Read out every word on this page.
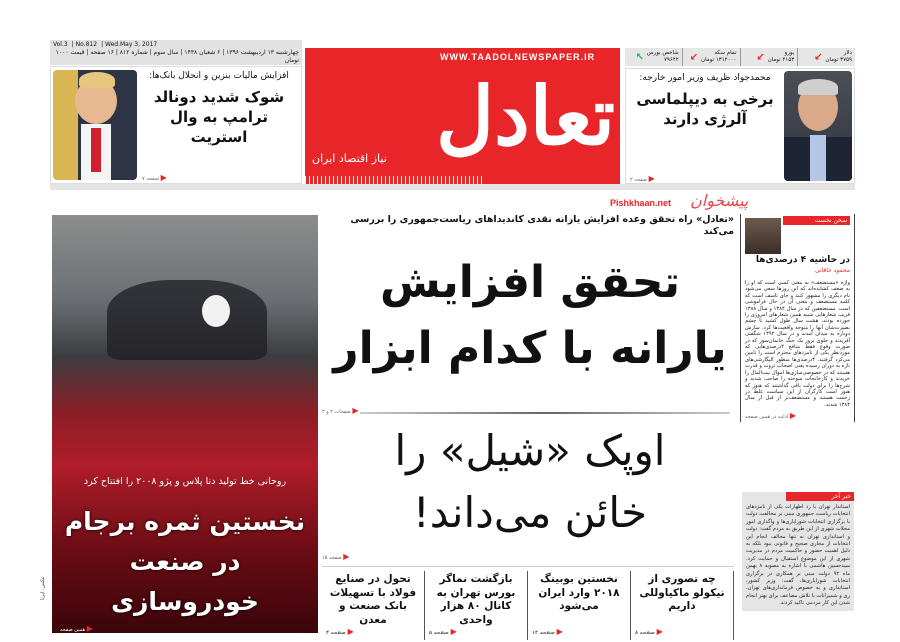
Vol.3 | No.812 | Wed.May 3, 2017
چهارشنبه ۱۳ اردیبهشت ۱۳۹۶ | ۶ شعبان ۱۴۳۸ | سال سوم | شماره ۸۱۲ | ۱۶ صفحه | قیمت ۱۰۰۰ تومان	WWW.TAADOLNEWSPAPER.IR
تعادل
نیاز اقتصاد ایران
دلار
۳۷۵۹ تومان
↙
یورو
۴۱۵۳ تومان
↙
تمام سکه
۱۳۱۲۰۰۰ تومان
↙
شاخص بورس
۷۹۶۴۲
↖
افزایش مالیات بنزین و انحلال بانک‌ها:
شوک شدید دونالد ترامپ به وال استریت
▶ صفحه ۷
محمدجواد ظریف وزیر امور خارجه:
برخی به دیپلماسی آلرژی دارند
▶ صفحه ۲
روحانی خط تولید دنا پلاس و پژو ۲۰۰۸ را افتتاح کرد
نخستین ثمره برجام در صنعت خودروسازی
▶ همین صفحه
عکس: ایرنا
پیشخوان
Pishkhaan.net
«تعادل» راه تحقق وعده افزایش یارانه نقدی کاندیداهای ریاست‌جمهوری را بررسی می‌کند
تحقق افزایش
یارانه با کدام ابزار
▶ صفحات ۲ و ۳
اوپک «شیل» را
خائن می‌داند!
▶ صفحه ۱۵
چه تصوری از نیکولو ماکیاوللی داریم
▶ صفحه ۸
نخستین بوبینگ ۲۰۱۸ وارد ایران می‌شود
▶ صفحه ۱۴
بازگشت نماگر بورس تهران به کانال ۸۰ هزار واحدی
▶ صفحه ۵
تحول در صنایع فولاد با تسهیلات بانک صنعت و معدن
▶ صفحه ۴
سخن نخست
در حاشیه ۴ درصدی‌ها
محمود خاقانی
واژه «مستضعف» به معنی کسی است که او را به ضعف کشانده‌اند که این روزها سعی می‌شود نام دیگری را مشهور کنند و جای تاسف است که کلمه مستضعف و معنی آن در حال فراموشی است. مستضعفین که در سال ۱۳۸۴ و سال ۱۳۸۸ فریب شعارهایی شبیه همین شعارهای امروزی را خورده بودند، هشت سال طول کشید تا چشم بصیرت‌شان آنها را متوجه واقعیت‌ها کرد. سازش دوباره به میدان آمدند و در سال ۱۳۹۲ شگفتی آفریدند و جلوی بروز یک جنگ خانمان‌سوز که در صورت وقوع فقط منافع ۴درصدی‌هایی که موردنظر یکی از نامزدهای محترم است را تامین می‌کرد گرفتند. ۴درصدی‌ها منظور الیگارشی‌های تازه به دوران رسیده یعنی اصحاب ثروت و قدرت هستند که در خصوصی‌سازی‌ها اموال بیت‌المال را خریدند و کارخانجات سوخته را صاحب شدند و شرح‌ها را برای دولت باقی گذاشتند که هنوز که هنوز است کارگران از این سیاست غلط در زحمت هستند و مستضعف‌تر از قبل از سال ۱۳۸۴ شدند.
▶ ادامه در همین صفحه
خبر آخر
استاندار تهران با رد اظهارات یکی از نامزدهای انتخابات ریاست جمهوری مبنی بر مخالفت دولت با برگزاری انتخابات شورایاری‌ها و واگذاری امور محلات شهری از این طریق به مردم گفت: دولت و استانداری تهران نه تنها مخالف انجام این انتخابات از مجاری صحیح و قانونی نبود بلکه به دلیل اهمیت حضور و حاکمیت مردم در مدیریت شهری از این موضوع استقبال و حمایت کرد. سیدحسین هاشمی با اشاره به مصوبه ۸ بهمن ماه ۹۲ دولت مبنی بر همکاری در برگزاری انتخابات شورایاری‌ها، گفت: وزیر کشور، استانداری و به خصوص فرمانداری‌های تهران، ری و شمیرانات با تلاش مضاعف برای بهتر انجام شدن این کار مردمی تاکید کردند.
